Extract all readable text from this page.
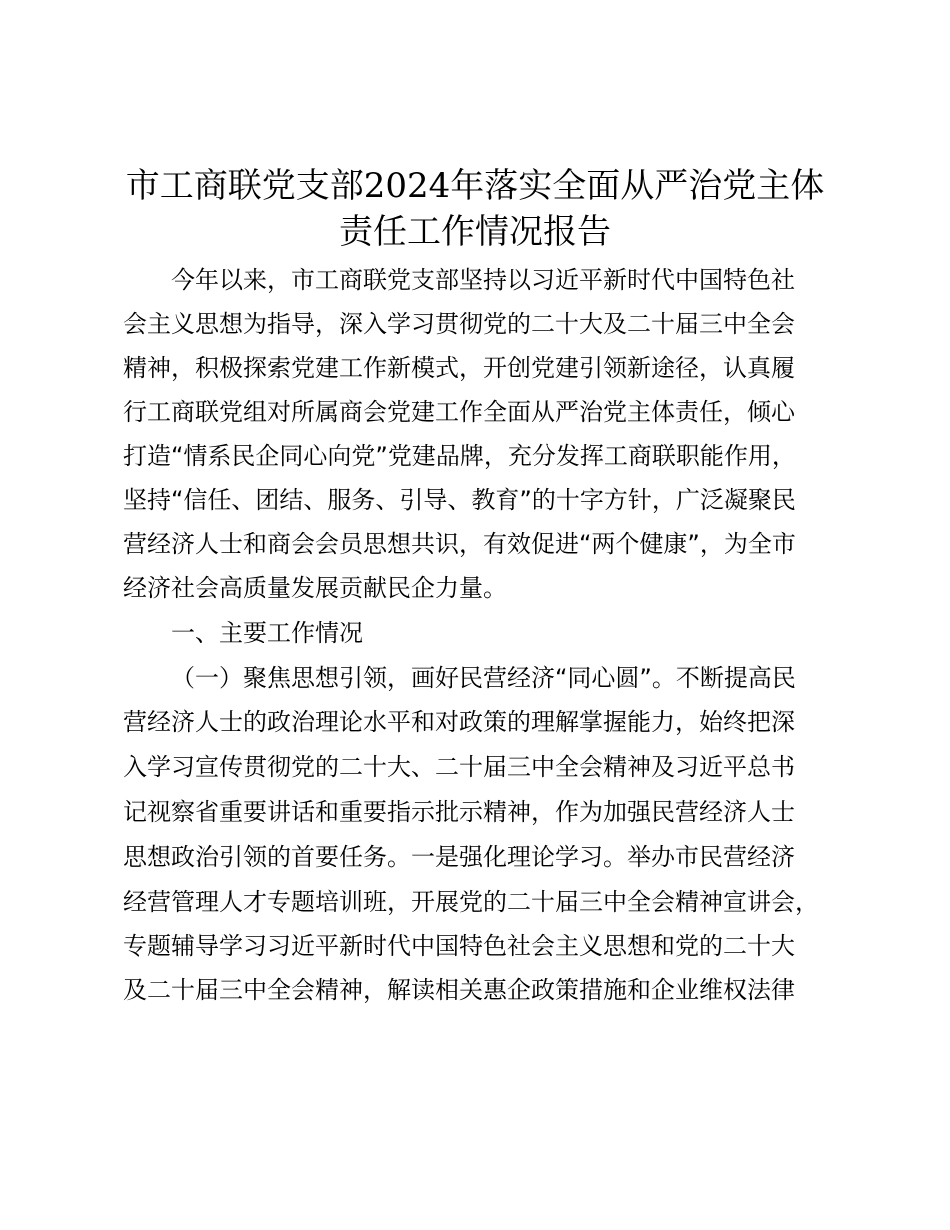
市工商联党支部2024年落实全面从严治党主体
责任工作情况报告
　今年以来，市工商联党支部坚持以习近平新时代中国特色社
会主义思想为指导，深入学习贯彻党的二十大及二十届三中全会
精神，积极探索党建工作新模式，开创党建引领新途径，认真履
行工商联党组对所属商会党建工作全面从严治党主体责任，倾心
打造“情系民企同心向党”党建品牌，充分发挥工商联职能作用，
坚持“信任、团结、服务、引导、教育”的十字方针，广泛凝聚民
营经济人士和商会会员思想共识，有效促进“两个健康”，为全市
经济社会高质量发展贡献民企力量。
　一、主要工作情况
（一）聚焦思想引领，画好民营经济“同心圆”。不断提高民
营经济人士的政治理论水平和对政策的理解掌握能力，始终把深
入学习宣传贯彻党的二十大、二十届三中全会精神及习近平总书
记视察省重要讲话和重要指示批示精神，作为加强民营经济人士
思想政治引领的首要任务。一是强化理论学习。举办市民营经济
经营管理人才专题培训班，开展党的二十届三中全会精神宣讲会，
专题辅导学习习近平新时代中国特色社会主义思想和党的二十大
及二十届三中全会精神，解读相关惠企政策措施和企业维权法律
